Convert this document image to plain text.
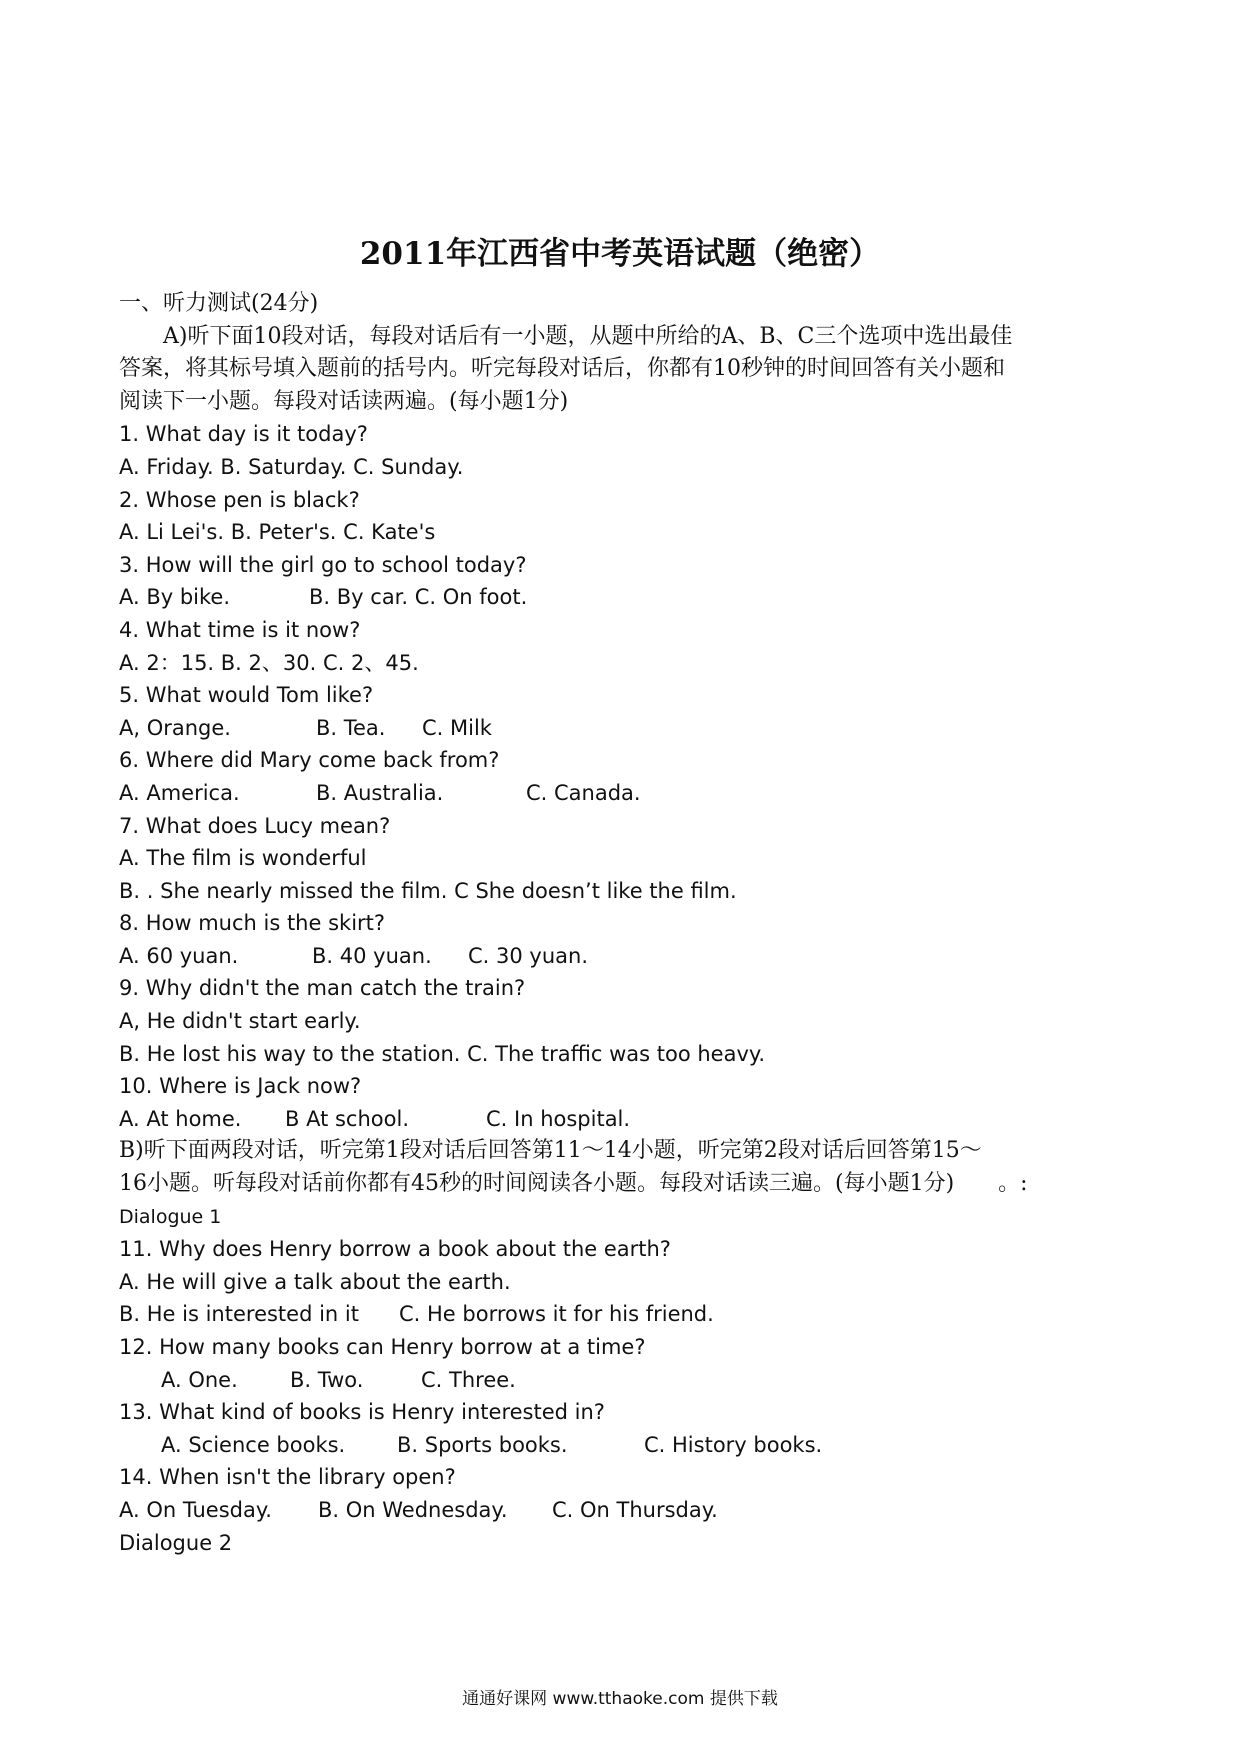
2011年江西省中考英语试题（绝密）
一、听力测试(24分)
A)听下面10段对话，每段对话后有一小题，从题中所给的A、B、C三个选项中选出最佳
答案，将其标号填入题前的括号内。听完每段对话后，你都有10秒钟的时间回答有关小题和
阅读下一小题。每段对话读两遍。(每小题1分)
1. What day is it today?
A. Friday. B. Saturday. C. Sunday.
2. Whose pen is black?
A. Li Lei's. B. Peter's. C. Kate's
3. How will the girl go to school today?
A. By bike.	B. By car. C. On foot.
4. What time is it now?
A. 2：15. B. 2、30. C. 2、45.
5. What would Tom like?
A, Orange.	B. Tea. C. Milk
6. Where did Mary come back from?
A. America.	B. Australia.	C. Canada.
7. What does Lucy mean?
A. The film is wonderful
B. . She nearly missed the film. C She doesn’t like the film.
8. How much is the skirt?
A. 60 yuan.	B. 40 yuan. C. 30 yuan.
9. Why didn't the man catch the train?
A, He didn't start early.
B. He lost his way to the station. C. The traffic was too heavy.
10. Where is Jack now?
A. At home. B At school.	C. In hospital.
B)听下面两段对话，听完第1段对话后回答第11～14小题，听完第2段对话后回答第15～
16小题。听每段对话前你都有45秒的时间阅读各小题。每段对话读三遍。(每小题1分)　　。:
Dialogue 1
11. Why does Henry borrow a book about the earth?
A. He will give a talk about the earth.
B. He is interested in it C. He borrows it for his friend.
12. How many books can Henry borrow at a time?
A. One. B. Two.	C. Three.
13. What kind of books is Henry interested in?
A. Science books. B. Sports books.	C. History books.
14. When isn't the library open?
A. On Tuesday. B. On Wednesday. C. On Thursday.
Dialogue 2
通通好课网 www.tthaoke.com 提供下载
